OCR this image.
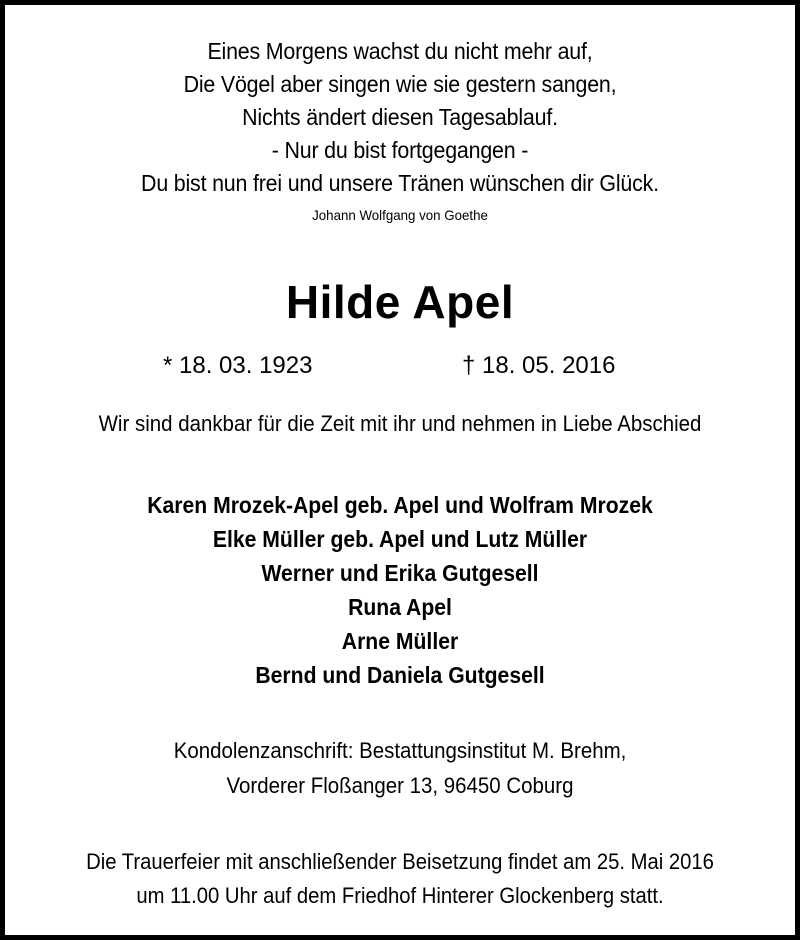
Eines Morgens wachst du nicht mehr auf,
Die Vögel aber singen wie sie gestern sangen,
Nichts ändert diesen Tagesablauf.
- Nur du bist fortgegangen -
Du bist nun frei und unsere Tränen wünschen dir Glück.
Johann Wolfgang von Goethe
Hilde Apel
* 18. 03. 1923	† 18. 05. 2016
Wir sind dankbar für die Zeit mit ihr und nehmen in Liebe Abschied
Karen Mrozek-Apel geb. Apel und Wolfram Mrozek
Elke Müller geb. Apel und Lutz Müller
Werner und Erika Gutgesell
Runa Apel
Arne Müller
Bernd und Daniela Gutgesell
Kondolenzanschrift: Bestattungsinstitut M. Brehm,
Vorderer Floßanger 13, 96450 Coburg
Die Trauerfeier mit anschließender Beisetzung findet am 25. Mai 2016
um 11.00 Uhr auf dem Friedhof Hinterer Glockenberg statt.
